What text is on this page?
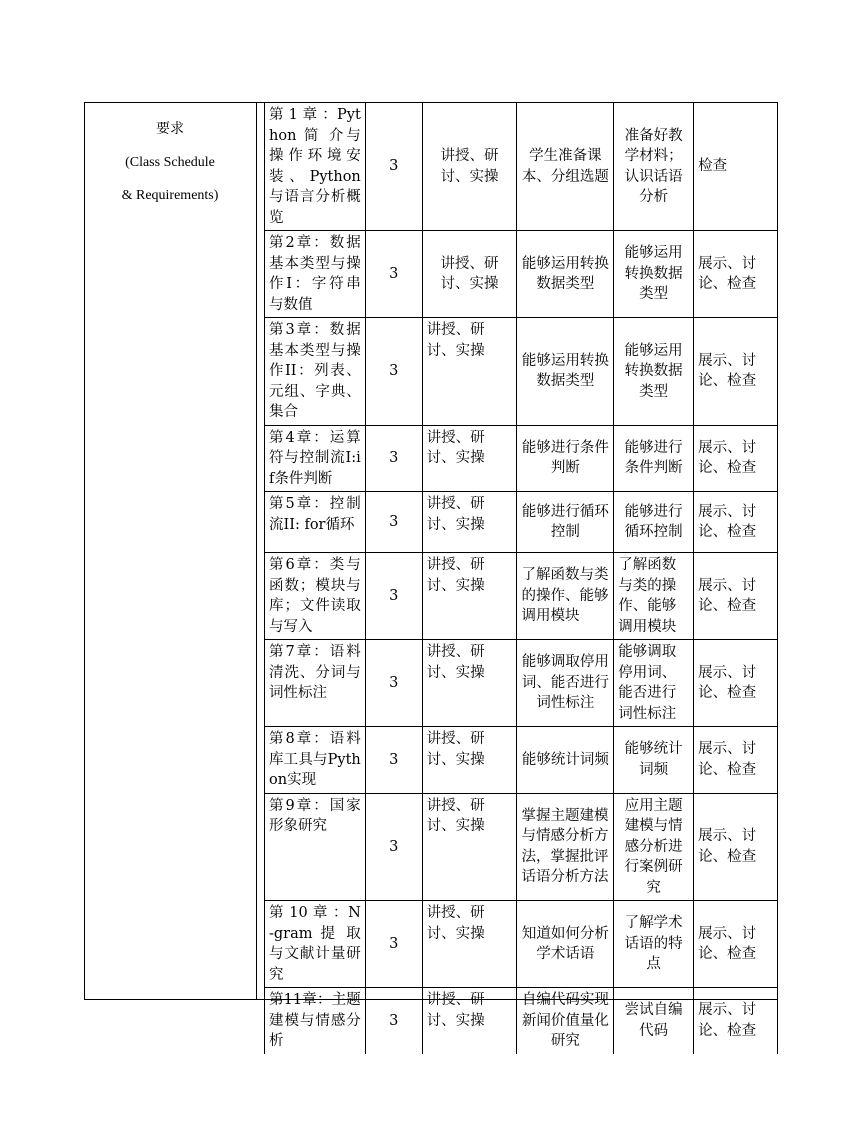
要求
(Class Schedule
& Requirements)
第 1 章 ：Python 简 介与操作环境安装、Python与语言分析概览	3	讲授、研讨、实操	学生准备课本、分组选题	准备好教学材料；认识话语分析	检查
第2章：数据基本类型与操作I：字符串与数值	3	讲授、研讨、实操	能够运用转换数据类型	能够运用转换数据类型	展示、讨论、检查
第3章：数据基本类型与操作II：列表、元组、字典、集合	3	讲授、研讨、实操	能够运用转换数据类型	能够运用转换数据类型	展示、讨论、检查
第4章：运算符与控制流I:if条件判断	3	讲授、研讨、实操	能够进行条件判断	能够进行条件判断	展示、讨论、检查
第5章：控制流II: for循环	3	讲授、研讨、实操	能够进行循环控制	能够进行循环控制	展示、讨论、检查
第6章：类与函数；模块与库；文件读取与写入	3	讲授、研讨、实操	了解函数与类的操作、能够调用模块	了解函数与类的操作、能够调用模块	展示、讨论、检查
第7章：语料清洗、分词与词性标注	3	讲授、研讨、实操	能够调取停用词、能否进行词性标注	能够调取停用词、能否进行词性标注	展示、讨论、检查
第8章：语料库工具与Python实现	3	讲授、研讨、实操	能够统计词频	能够统计词频	展示、讨论、检查
第9章：国家形象研究	3	讲授、研讨、实操	掌握主题建模与情感分析方法，掌握批评话语分析方法	应用主题建模与情感分析进行案例研究	展示、讨论、检查
第 10 章 ：N-gram 提 取与文献计量研究	3	讲授、研讨、实操	知道如何分析学术话语	了解学术话语的特点	展示、讨论、检查
第11章：主题建模与情感分析	3	讲授、研讨、实操	自编代码实现新闻价值量化研究	尝试自编代码	展示、讨论、检查
